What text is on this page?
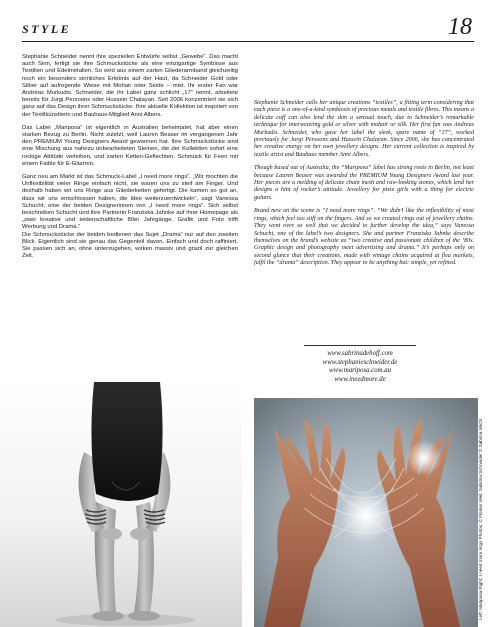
STYLE	18

Stephanie Schneider nennt ihre speziellen Entwürfe selbst „Gewebe“. Das macht auch Sinn, fertigt sie ihre Schmuckstücke als eine einzigartige Symbiose aus Textilien und Edelmetallen. So wird aus einem zarten Gliederarmband gleichzeitig noch ein besonders sinnliches Erlebnis auf der Haut, da Schneider Gold oder Silber auf aufregende Weise mit Mohair oder Seide – mixt. Ihr erster Fan war Andreas Murkudis. Schneider, die ihr Label ganz schlicht „17“ nennt, arbeitete bereits für Jurgi Persoons oder Hussein Chalayan. Seit 2006 konzentriert sie sich ganz auf das Design ihrer Schmuckstücke. Ihre aktuelle Kollektion ist inspiriert von der Textilkünstlerin und Bauhaus-Mitglied Anni Albers.

Das Label „Mariposa“ ist eigentlich in Australien beheimatet, hat aber einen starken Bezug zu Berlin. Nicht zuletzt, weil Lauren Beaser im vergangenen Jahr den PREMIUM Young Designers Award gewonnen hat. Ihre Schmuckstücke sind eine Mischung aus nahezu unbearbeiteten Steinen, die der Kollektion sofort eine rockige Attitüde verleihen, und zarten Ketten-Geflechten. Schmuck für Feen mit einem Faible für E-Gitarren.

Ganz neu am Markt ist das Schmuck-Label „I need more rings“. „Wir mochten die Unflexibilität vieler Ringe einfach nicht, sie waren uns zu steif am Finger. Und deshalb haben wir uns Ringe aus Gliederketten gefertigt. Die kamen so gut an, dass wir uns entschlossen haben, die Idee weiterzuentwickeln“, sagt Vanessa Schucht, eine der beiden Designerinnen von „I need more rings“. Sich selbst beschreiben Schucht und ihre Partnerin Franziska Jahnke auf ihrer Homepage als „zwei kreative und leidenschaftliche 80er Jahrgänge. Grafik und Foto trifft Werbung und Drama.“

Die Schmuckstücke der beiden bedienen das Sujet „Drama“ nur auf den zweiten Blick. Eigentlich sind sie genau das Gegenteil davon. Einfach und doch raffiniert. Sie passen sich an, ohne unterzugehen, wirken massiv und grazil zur gleichen Zeit.

Stephanie Schneider calls her unique creations “textiles”, a fitting term considering that each piece is a one-of-a-kind symbiosis of precious metals and textile fibres. This means a delicate cuff can also lend the skin a sensual touch, due to Schneider’s remarkable technique for interweaving gold or silver with mohair or silk. Her first fan was Andreas Murkudis. Schneider, who gave her label the sleek, spare name of “17”, worked previously for Jurgi Persoons and Hussein Chalayan. Since 2006, she has concentrated her creative energy on her own jewellery designs. Her current collection is inspired by textile artist and Bauhaus member Anni Albers.

Though based out of Australia, the “Mariposa” label has strong roots in Berlin, not least because Lauren Beaser was awarded the PREMIUM Young Designers Award last year. Her pieces are a melding of delicate chain mesh and raw-looking stones, which lend her designs a hint of rocker’s attitude. Jewellery for pixie girls with a thing for electric guitars.

Brand new on the scene is “I need more rings”. “We didn’t like the inflexibility of most rings, which feel too stiff on the fingers. And so we created rings out of jewellery chains. They went over so well that we decided to further develop the idea,” says Vanessa Schucht, one of the label’s two designers. She and partner Franziska Jahnke describe themselves on the brand’s website as “two creative and passionate children of the ’80s. Graphic design and photography meet advertising and drama.” It’s perhaps only on second glance that their creations, made with vintage chains acquired at flea markets, fulfil the “drama” description. They appear to be anything but: simple, yet refined.

www.sabrinadehoff.com
www.stephanieschneider.de
www.mariposa.com.au
www.ineedmore.de
Left: Mariposa Right: I need more rings Photos: © Florian Weil, Sabrina Schneider © Sabrina Wicht
